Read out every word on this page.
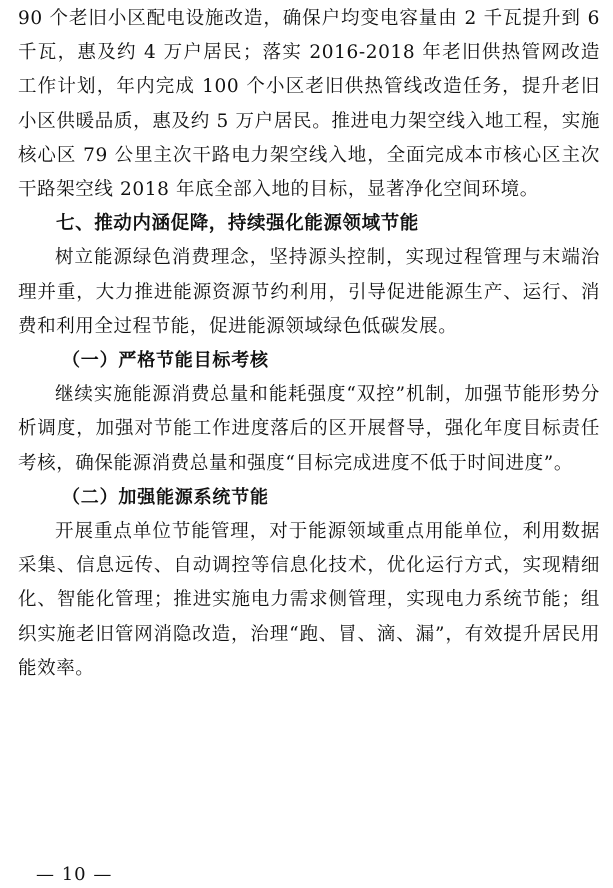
90 个老旧小区配电设施改造，确保户均变电容量由 2 千瓦提升到 6 千瓦，惠及约 4 万户居民；落实 2016-2018 年老旧供热管网改造工作计划，年内完成 100 个小区老旧供热管线改造任务，提升老旧小区供暖品质，惠及约 5 万户居民。推进电力架空线入地工程，实施核心区 79 公里主次干路电力架空线入地，全面完成本市核心区主次干路架空线 2018 年底全部入地的目标，显著净化空间环境。

七、推动内涵促降，持续强化能源领域节能

树立能源绿色消费理念，坚持源头控制，实现过程管理与末端治理并重，大力推进能源资源节约利用，引导促进能源生产、运行、消费和利用全过程节能，促进能源领域绿色低碳发展。

（一）严格节能目标考核

继续实施能源消费总量和能耗强度“双控”机制，加强节能形势分析调度，加强对节能工作进度落后的区开展督导，强化年度目标责任考核，确保能源消费总量和强度“目标完成进度不低于时间进度”。

（二）加强能源系统节能

开展重点单位节能管理，对于能源领域重点用能单位，利用数据采集、信息远传、自动调控等信息化技术，优化运行方式，实现精细化、智能化管理；推进实施电力需求侧管理，实现电力系统节能；组织实施老旧管网消隐改造，治理“跑、冒、滴、漏”，有效提升居民用能效率。

— 10 —
